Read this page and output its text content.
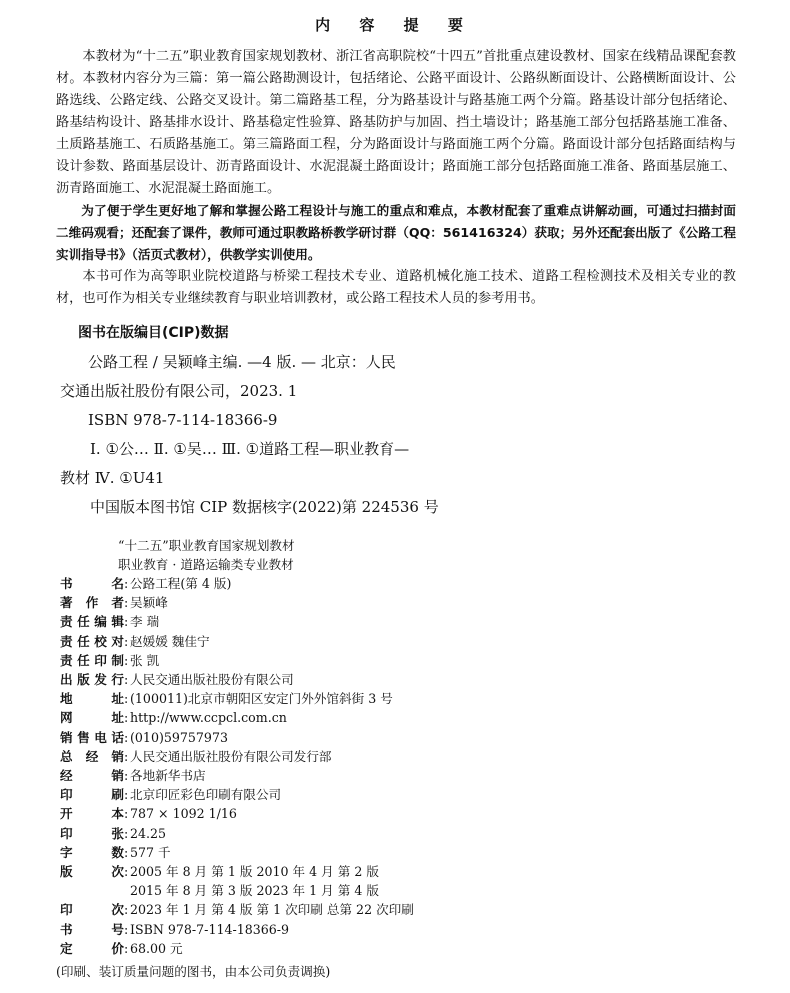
内 容 提 要

本教材为“十二五”职业教育国家规划教材、浙江省高职院校“十四五”首批重点建设教材、国家在线精品课配套教材。本教材内容分为三篇：第一篇公路勘测设计，包括绪论、公路平面设计、公路纵断面设计、公路横断面设计、公路选线、公路定线、公路交叉设计。第二篇路基工程，分为路基设计与路基施工两个分篇。路基设计部分包括绪论、路基结构设计、路基排水设计、路基稳定性验算、路基防护与加固、挡土墙设计；路基施工部分包括路基施工准备、土质路基施工、石质路基施工。第三篇路面工程，分为路面设计与路面施工两个分篇。路面设计部分包括路面结构与设计参数、路面基层设计、沥青路面设计、水泥混凝土路面设计；路面施工部分包括路面施工准备、路面基层施工、沥青路面施工、水泥混凝土路面施工。

为了便于学生更好地了解和掌握公路工程设计与施工的重点和难点，本教材配套了重难点讲解动画，可通过扫描封面二维码观看；还配套了课件，教师可通过职教路桥教学研讨群（QQ：561416324）获取；另外还配套出版了《公路工程实训指导书》（活页式教材），供教学实训使用。

本书可作为高等职业院校道路与桥梁工程技术专业、道路机械化施工技术、道路工程检测技术及相关专业的教材，也可作为相关专业继续教育与职业培训教材，或公路工程技术人员的参考用书。

图书在版编目(CIP)数据
公路工程 / 吴颖峰主编. —4 版. — 北京：人民
交通出版社股份有限公司，2023. 1
ISBN 978-7-114-18366-9
Ⅰ. ①公… Ⅱ. ①吴… Ⅲ. ①道路工程—职业教育—
教材 Ⅳ. ①U41
中国版本图书馆 CIP 数据核字(2022)第 224536 号
“十二五”职业教育国家规划教材
职业教育 · 道路运输类专业教材
书名 : 公路工程(第 4 版)
著作者 : 吴颖峰
责任编辑 : 李 瑞
责任校对 : 赵媛媛 魏佳宁
责任印制 : 张 凯
出版发行 : 人民交通出版社股份有限公司
地址 : (100011)北京市朝阳区安定门外外馆斜街 3 号
网址 : http://www.ccpcl.com.cn
销售电话 : (010)59757973
总经销 : 人民交通出版社股份有限公司发行部
经销 : 各地新华书店
印刷 : 北京印匠彩色印刷有限公司
开本 : 787 × 1092 1/16
印张 : 24.25
字数 : 577 千
版次 : 2005 年 8 月 第 1 版 2010 年 4 月 第 2 版
2015 年 8 月 第 3 版 2023 年 1 月 第 4 版
印次 : 2023 年 1 月 第 4 版 第 1 次印刷 总第 22 次印刷
书号 : ISBN 978-7-114-18366-9
定价 : 68.00 元
(印刷、装订质量问题的图书，由本公司负责调换)
